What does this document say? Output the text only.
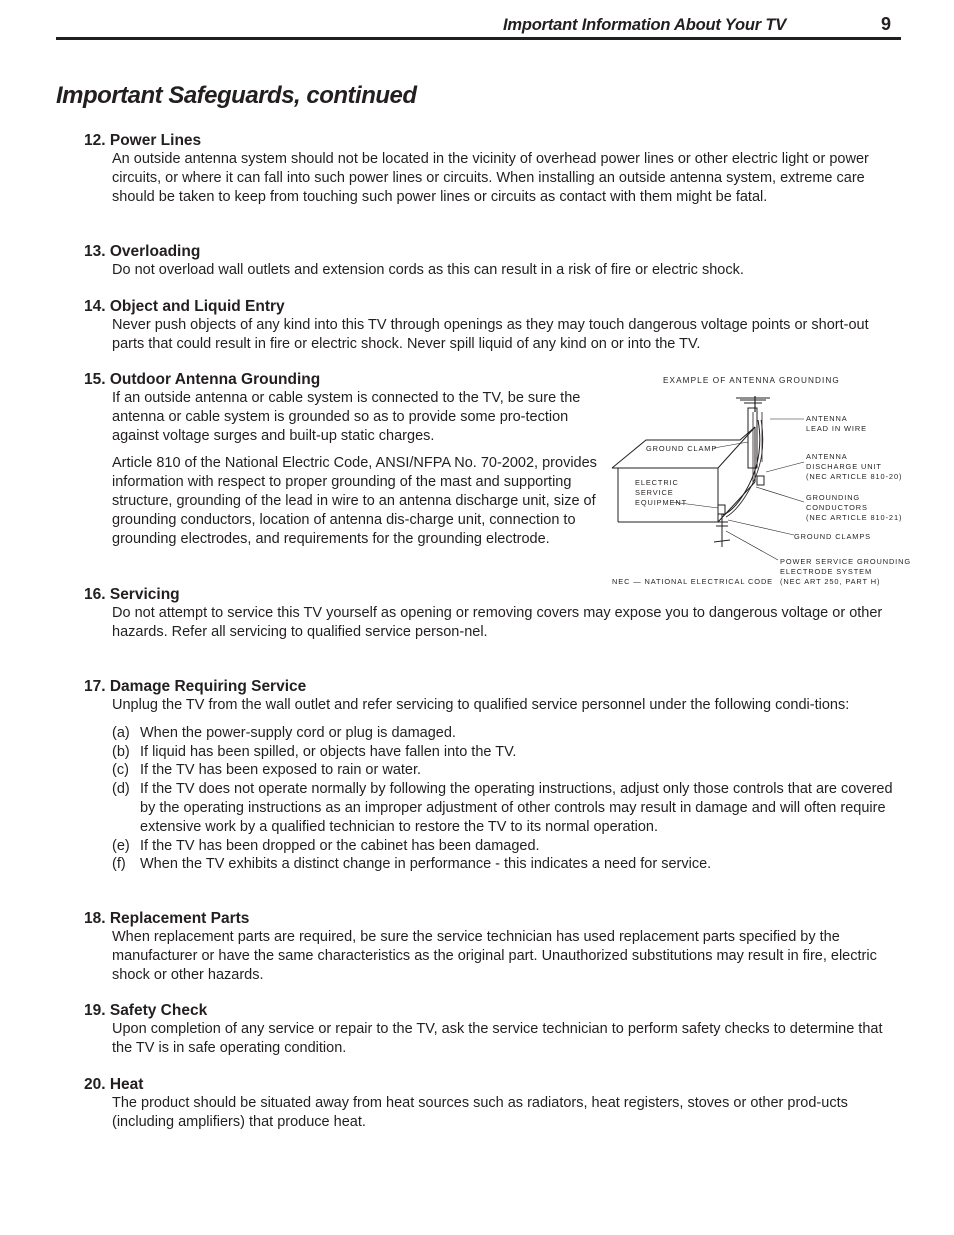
Important Information About Your TV	9
Important Safeguards, continued

12. Power Lines

An outside antenna system should not be located in the vicinity of overhead power lines or other electric light or power circuits, or where it can fall into such power lines or circuits. When installing an outside antenna system, extreme care should be taken to keep from touching such power lines or circuits as contact with them might be fatal.

13. Overloading

Do not overload wall outlets and extension cords as this can result in a risk of fire or electric shock.

14. Object and Liquid Entry

Never push objects of any kind into this TV through openings as they may touch dangerous voltage points or short-out parts that could result in fire or electric shock. Never spill liquid of any kind on or into the TV.

15. Outdoor Antenna Grounding

If an outside antenna or cable system is connected to the TV, be sure the antenna or cable system is grounded so as to provide some pro-tection against voltage surges and built-up static charges.

Article 810 of the National Electric Code, ANSI/NFPA No. 70-2002, provides information with respect to proper grounding of the mast and supporting structure, grounding of the lead in wire to an antenna discharge unit, size of grounding conductors, location of antenna dis-charge unit, connection to grounding electrodes, and requirements for the grounding electrode.

EXAMPLE OF ANTENNA GROUNDING
ANTENNA
LEAD IN WIRE
GROUND CLAMP
ANTENNA
DISCHARGE UNIT
(NEC ARTICLE 810-20)
ELECTRIC
SERVICE
EQUIPMENT
GROUNDING
CONDUCTORS
(NEC ARTICLE 810-21)
GROUND CLAMPS
POWER SERVICE GROUNDING
ELECTRODE SYSTEM
(NEC ART 250, PART H)
NEC — NATIONAL ELECTRICAL CODE

16. Servicing

Do not attempt to service this TV yourself as opening or removing covers may expose you to dangerous voltage or other hazards. Refer all servicing to qualified service person-nel.

17. Damage Requiring Service

Unplug the TV from the wall outlet and refer servicing to qualified service personnel under the following condi-tions:

(a) When the power-supply cord or plug is damaged.
(b) If liquid has been spilled, or objects have fallen into the TV.
(c) If the TV has been exposed to rain or water.
(d) If the TV does not operate normally by following the operating instructions, adjust only those controls that are covered by the operating instructions as an improper adjustment of other controls may result in damage and will often require extensive work by a qualified technician to restore the TV to its normal operation.
(e) If the TV has been dropped or the cabinet has been damaged.
(f) When the TV exhibits a distinct change in performance - this indicates a need for service.

18. Replacement Parts

When replacement parts are required, be sure the service technician has used replacement parts specified by the manufacturer or have the same characteristics as the original part. Unauthorized substitutions may result in fire, electric shock or other hazards.

19. Safety Check

Upon completion of any service or repair to the TV, ask the service technician to perform safety checks to determine that the TV is in safe operating condition.

20. Heat

The product should be situated away from heat sources such as radiators, heat registers, stoves or other prod-ucts (including amplifiers) that produce heat.
